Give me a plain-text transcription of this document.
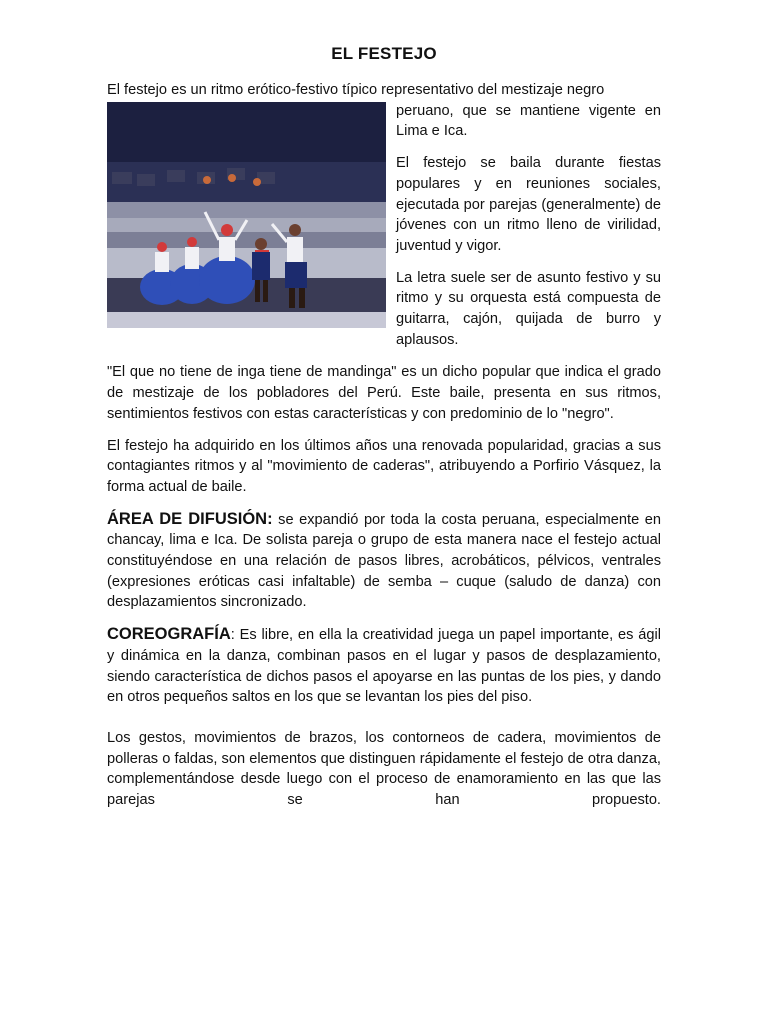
EL FESTEJO

El festejo es un ritmo erótico-festivo típico representativo del mestizaje negro

peruano, que se mantiene vigente en Lima e Ica.

El festejo se baila durante fiestas populares y en reuniones sociales, ejecutada por parejas (generalmente) de jóvenes con un ritmo lleno de virilidad, juventud y vigor.

La letra suele ser de asunto festivo y su ritmo y su orquesta está compuesta de guitarra, cajón, quijada de burro y aplausos.

"El que no tiene de inga tiene de mandinga" es un dicho popular que indica el grado de mestizaje de los pobladores del Perú. Este baile, presenta en sus ritmos, sentimientos festivos con estas características y con predominio de lo "negro".

El festejo ha adquirido en los últimos años una renovada popularidad, gracias a sus contagiantes ritmos y al "movimiento de caderas", atribuyendo a Porfirio Vásquez, la forma actual de baile.

ÁREA DE DIFUSIÓN: se expandió por toda la costa peruana, especialmente en chancay, lima e Ica. De solista pareja o grupo de esta manera nace el festejo actual constituyéndose en una relación de pasos libres, acrobáticos, pélvicos, ventrales (expresiones eróticas casi infaltable) de semba – cuque (saludo de danza) con desplazamientos sincronizado.

COREOGRAFÍA: Es libre, en ella la creatividad juega un papel importante, es ágil y dinámica en la danza, combinan pasos en el lugar y pasos de desplazamiento, siendo característica de dichos pasos el apoyarse en las puntas de los pies, y dando en otros pequeños saltos en los que se levantan los pies del piso.

Los gestos, movimientos de brazos, los contorneos de cadera, movimientos de polleras o faldas, son elementos que distinguen rápidamente el festejo de otra danza, complementándose desde luego con el proceso de enamoramiento en las que las parejas se han propuesto.
